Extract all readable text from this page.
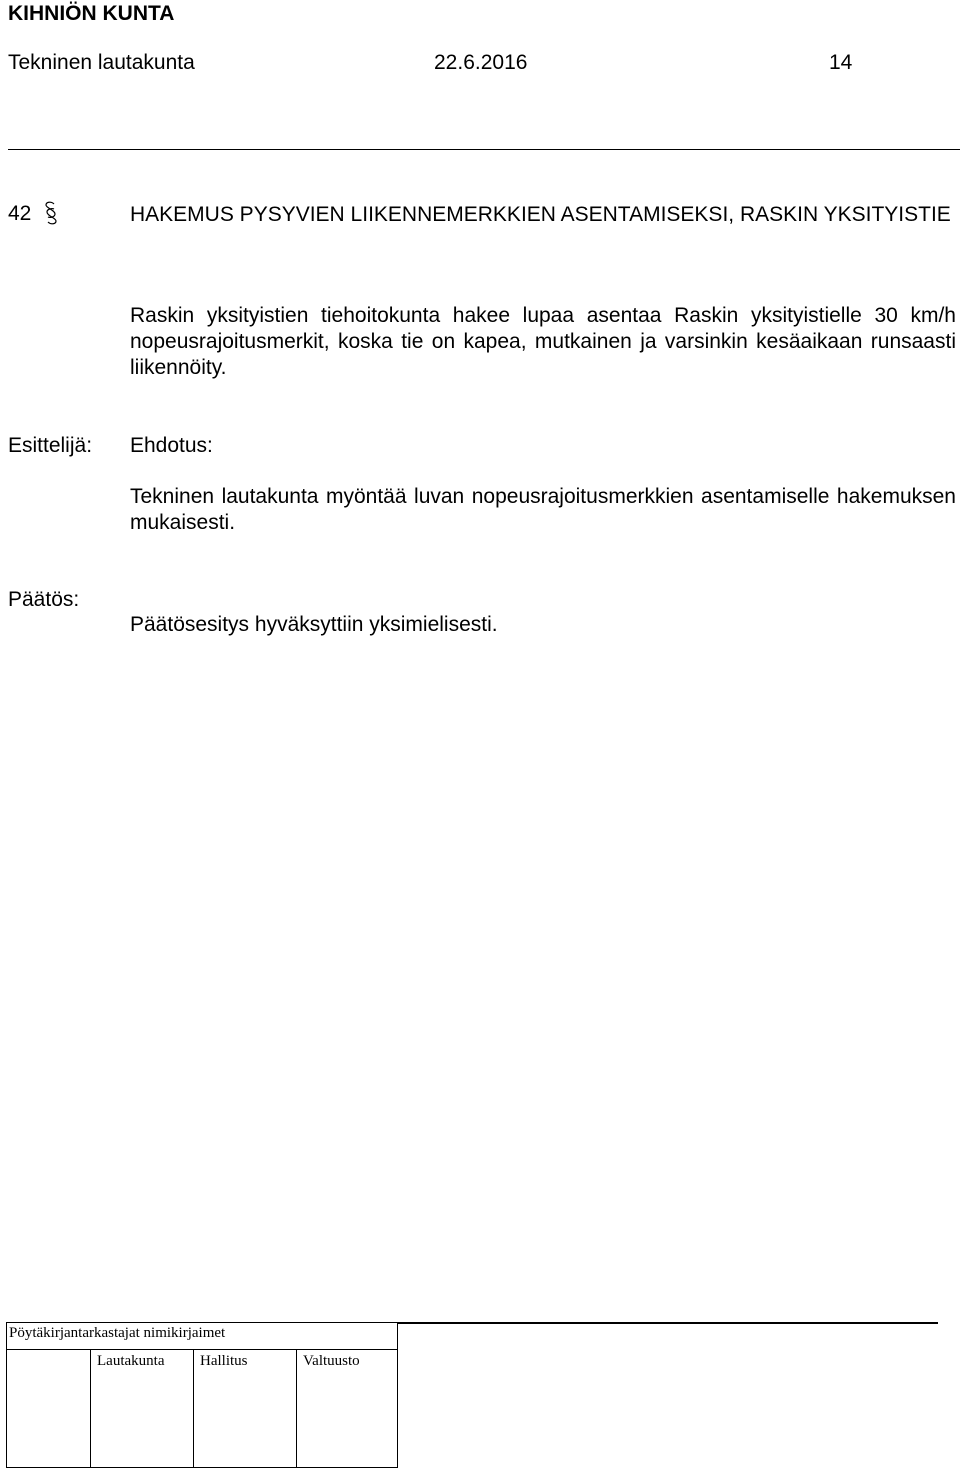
KIHNIÖN KUNTA
Tekninen lautakunta	22.6.2016	14
42	HAKEMUS PYSYVIEN LIIKENNEMERKKIEN ASENTAMISEKSI, RASKIN YKSITYISTIE
Raskin yksityistien tiehoitokunta hakee lupaa asentaa Raskin yksityistielle 30 km/h nopeusrajoitusmerkit, koska tie on kapea, mutkainen ja varsinkin kesäaikaan runsaasti liikennöity.
Esittelijä: Ehdotus:
Tekninen lautakunta myöntää luvan nopeusrajoitusmerkkien asentamiselle hakemuksen mukaisesti.
Päätös:
Päätösesitys hyväksyttiin yksimielisesti.
Pöytäkirjantarkastajat nimikirjaimet
Lautakunta Hallitus	Valtuusto
